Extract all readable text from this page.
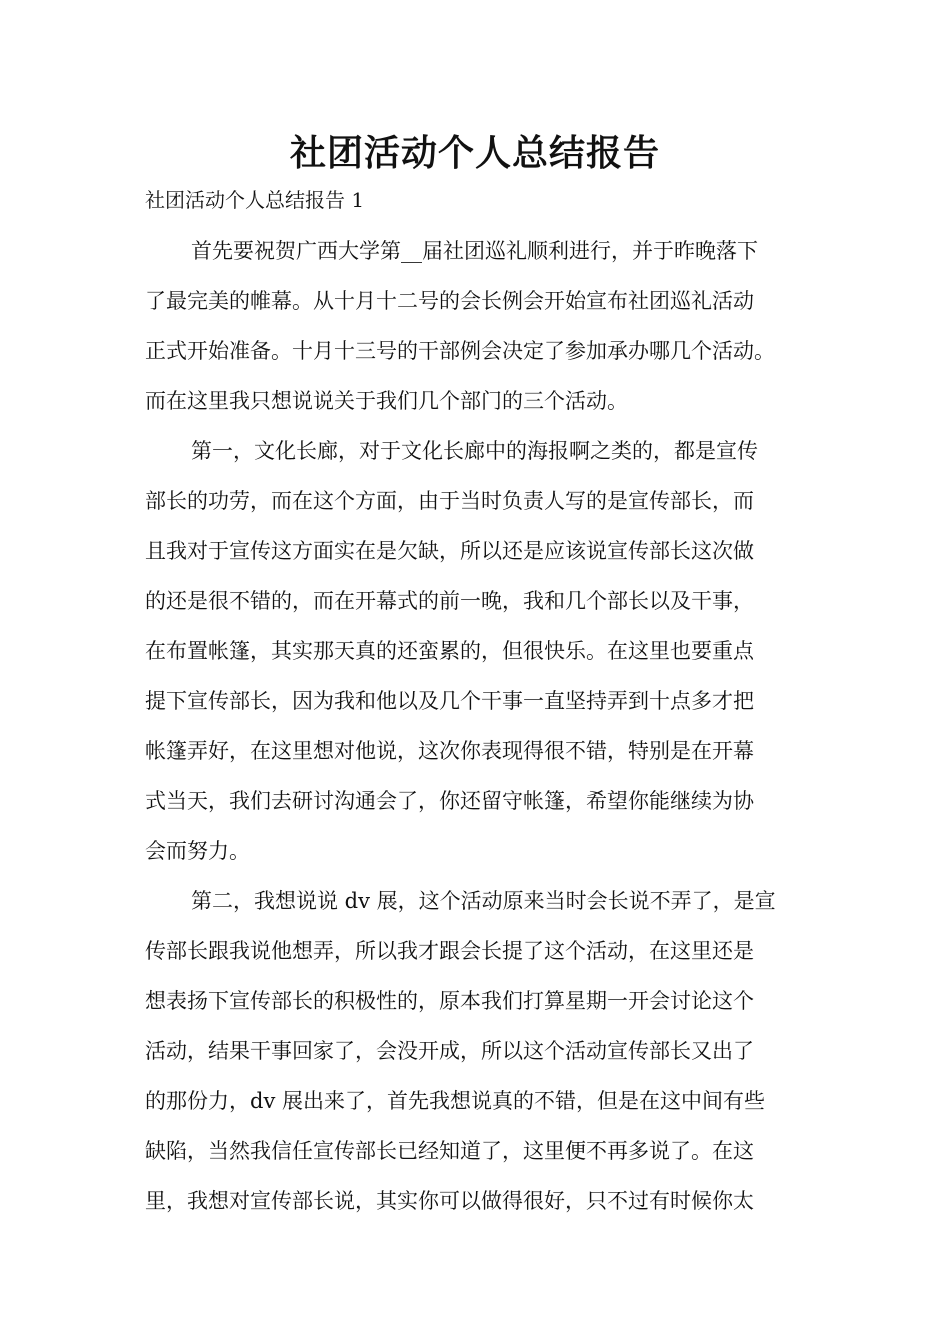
社团活动个人总结报告

社团活动个人总结报告 1

首先要祝贺广西大学第__届社团巡礼顺利进行，并于昨晚落下
了最完美的帷幕。从十月十二号的会长例会开始宣布社团巡礼活动
正式开始准备。十月十三号的干部例会决定了参加承办哪几个活动。
而在这里我只想说说关于我们几个部门的三个活动。
第一，文化长廊，对于文化长廊中的海报啊之类的，都是宣传
部长的功劳，而在这个方面，由于当时负责人写的是宣传部长，而
且我对于宣传这方面实在是欠缺，所以还是应该说宣传部长这次做
的还是很不错的，而在开幕式的前一晚，我和几个部长以及干事，
在布置帐篷，其实那天真的还蛮累的，但很快乐。在这里也要重点
提下宣传部长，因为我和他以及几个干事一直坚持弄到十点多才把
帐篷弄好，在这里想对他说，这次你表现得很不错，特别是在开幕
式当天，我们去研讨沟通会了，你还留守帐篷，希望你能继续为协
会而努力。
第二，我想说说 dv 展，这个活动原来当时会长说不弄了，是宣
传部长跟我说他想弄，所以我才跟会长提了这个活动，在这里还是
想表扬下宣传部长的积极性的，原本我们打算星期一开会讨论这个
活动，结果干事回家了，会没开成，所以这个活动宣传部长又出了
的那份力，dv 展出来了，首先我想说真的不错，但是在这中间有些
缺陷，当然我信任宣传部长已经知道了，这里便不再多说了。在这
里，我想对宣传部长说，其实你可以做得很好，只不过有时候你太
